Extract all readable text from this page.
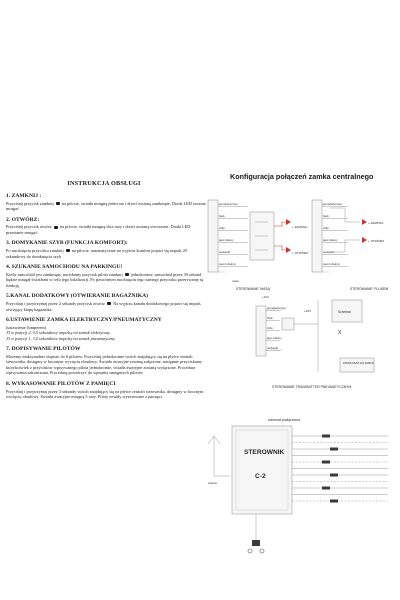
INSTRUKCJA OBSŁUGI
1. ZAMKNIJ :

Przyciśnij przycisk zamknij  na pilocie, światła mrugną jeden raz i drzwi zostaną zamknięte. Dioda LED zacznie mrugać.

2. OTWÓRZ:

Przyciśnij przycisk otwórz  na pilocie, światła mrugną dwa razy i drzwi zostaną otworzone. Dioda LED przestanie mrugać.

3. DOMYKANIE SZYB (FUNKCJA KOMFORT):

Po naciśnięciu przycisku zamknij  na pilocie, automatycznie na wyjściu komfort pojawi się impuls 25 sekundowy do domknięcia szyb

4. SZUKANIE SAMOCHODU NA PARKINGU!

Kiedy samochód jest zamknięty, naciskamy przycisk pilota zamknij  jednokrotnie, samochód przez 30 sekund będzie mrugał światłami w celu jego lokalizacji. Po powtórnym naciśnięciu tego samego przycisku przerywamy tę funkcję.

5.KANAL DODATKOWY (OTWIERANIE BAGAŻNIKA)

Przyciśnij i przytrzymaj przez 2 sekundy przycisk otwórz  Na wyjściu kanału dodatkowego pojawi się impuls otwiający klapę bagażnika.

6.USTAWIENIE ZAMKA ELEKTRYCZNY/PNEUMATYCZNY

(ustawienie Jumperem)

J3 w pozycji 2, 0,5 sekundowy impulsy na zamek elektryczny.

J3 w pozycji 1, 3,5 sekundowe impulsy na zamek pneumatyczny

7. DOPISYWANIE PILOTÓW

Możemy maksymalnie dopisać do 6 pilotów. Przyciśnij jednokrotnie switch znajdujący się na płytce centrali sterownika, dostępny w bocznym wycięciu obudowy. Światła awaryjne zostaną załączone, następnie przyciskamy którykolwiek z przycisków wpisywanego pilota jednokrotnie, światła awaryjne zostaną wyłączone. Procedura wpisywania zakończona. Procedurę powtórzyć do wpisania następnych pilotów

8. WYKASOWANIE PILOTÓW Z PAMIĘCI

Przyciśnij i przytrzymaj przez 3 sekundy switch znajdujący się na płytce centrali sterownika, dostępny w bocznym wycięciu obudowy. Światła awaryjne mrugną 5 razy. Piloty zostały wyzerowane z pamięci.

Konfiguracja połączeń zamka centralnego
pomarańczowy
biały
żółty
jasn.zielony
niebieski
ciemn.zielony
masa
+ ZAMKNIJ
+ OTWÓRZ
STEROWANIE 'MASĄ'
pomarańczowy
biały
żółty
jasn.zielony
niebieski
ciemn.zielony
+ ZAMKNIJ
+ OTWÓRZ
STEROWANIE 'PLUSEM'
+12V
pomarańczowy
biały
żółty
jasn.zielony
niebieski
+12V	Schemat
X
PRODUCENT DO ZAMKA
STEROWANIE TRANSMITTER PNEUMATYCZNYM
schemat podłączenia
Antena
STEROWNIK
C-2
